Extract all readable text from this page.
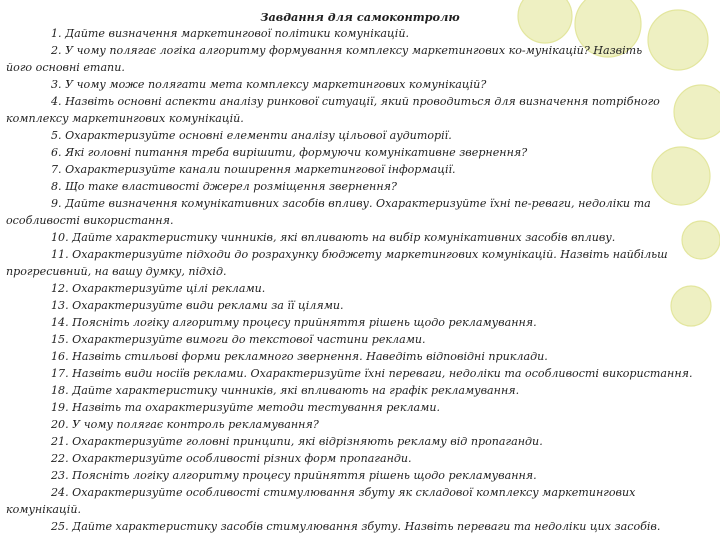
Завдання для самоконтролю
1. Дайте визначення маркетингової політики комунікацій.
2. У чому полягає логіка алгоритму формування комплексу маркетингових ко-мунікацій? Назвіть його основні етапи.
3. У чому може полягати мета комплексу маркетингових комунікацій?
4. Назвіть основні аспекти аналізу ринкової ситуації, який проводиться для визначення потрібного комплексу маркетингових комунікацій.
5. Охарактеризуйте основні елементи аналізу цільової аудиторії.
6. Які головні питання треба вирішити, формуючи комунікативне звернення?
7. Охарактеризуйте канали поширення маркетингової інформації.
8. Що таке властивості джерел розміщення звернення?
9. Дайте визначення комунікативних засобів впливу. Охарактеризуйте їхні пе-реваги, недоліки та особливості використання.
10. Дайте характеристику чинників, які впливають на вибір комунікативних засобів впливу.
11. Охарактеризуйте підходи до розрахунку бюджету маркетингових комунікацій. Назвіть найбільш прогресивний, на вашу думку, підхід.
12. Охарактеризуйте цілі реклами.
13. Охарактеризуйте види реклами за її цілями.
14. Поясніть логіку алгоритму процесу прийняття рішень щодо рекламування.
15. Охарактеризуйте вимоги до текстової частини реклами.
16. Назвіть стильові форми рекламного звернення. Наведіть відповідні приклади.
17. Назвіть види носіїв реклами. Охарактеризуйте їхні переваги, недоліки та особливості використання.
18. Дайте характеристику чинників, які впливають на графік рекламування.
19. Назвіть та охарактеризуйте методи тестування реклами.
20. У чому полягає контроль рекламування?
21. Охарактеризуйте головні принципи, які відрізняють рекламу від пропаганди.
22. Охарактеризуйте особливості різних форм пропаганди.
23. Поясніть логіку алгоритму процесу прийняття рішень щодо рекламування.
24. Охарактеризуйте особливості стимулювання збуту як складової комплексу маркетингових комунікацій.
25. Дайте характеристику засобів стимулювання збуту. Назвіть переваги та недоліки цих засобів.
